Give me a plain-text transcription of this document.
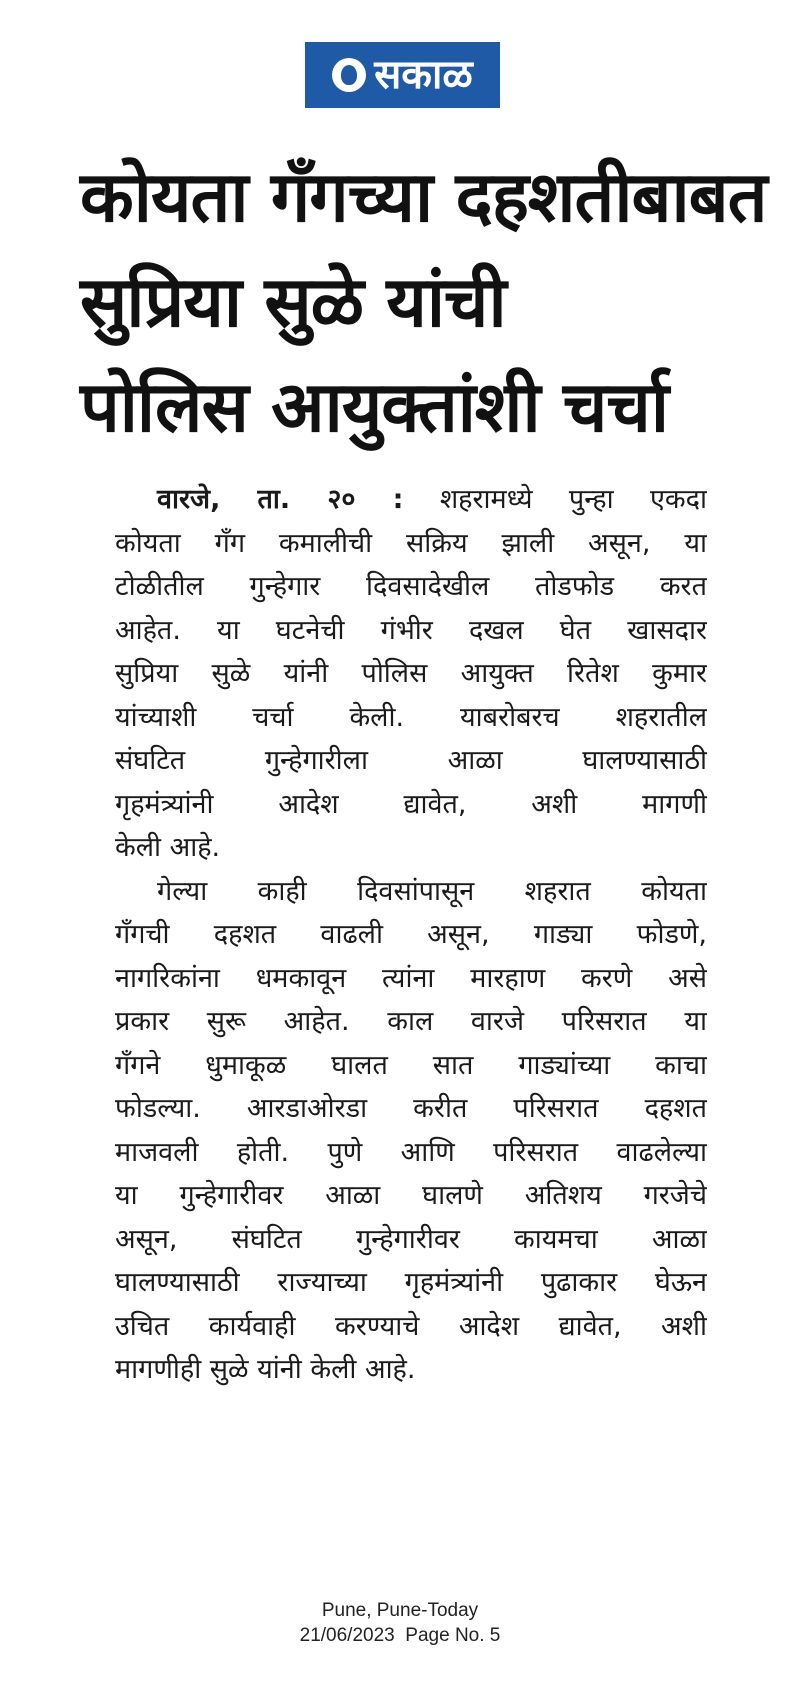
सकाळ
कोयता गँगच्या दहशतीबाबत
सुप्रिया सुळे यांची
पोलिस आयुक्तांशी चर्चा
वारजे, ता. २० : शहरामध्ये पुन्हा एकदा
कोयता गँग कमालीची सक्रिय झाली असून, या
टोळीतील गुन्हेगार दिवसादेखील तोडफोड करत
आहेत. या घटनेची गंभीर दखल घेत खासदार
सुप्रिया सुळे यांनी पोलिस आयुक्त रितेश कुमार
यांच्याशी चर्चा केली. याबरोबरच शहरातील
संघटित गुन्हेगारीला आळा घालण्यासाठी
गृहमंत्र्यांनी आदेश द्यावेत, अशी मागणी
केली आहे.
गेल्या काही दिवसांपासून शहरात कोयता
गँगची दहशत वाढली असून, गाड्या फोडणे,
नागरिकांना धमकावून त्यांना मारहाण करणे असे
प्रकार सुरू आहेत. काल वारजे परिसरात या
गँगने धुमाकूळ घालत सात गाड्यांच्या काचा
फोडल्या. आरडाओरडा करीत परिसरात दहशत
माजवली होती. पुणे आणि परिसरात वाढलेल्या
या गुन्हेगारीवर आळा घालणे अतिशय गरजेचे
असून, संघटित गुन्हेगारीवर कायमचा आळा
घालण्यासाठी राज्याच्या गृहमंत्र्यांनी पुढाकार घेऊन
उचित कार्यवाही करण्याचे आदेश द्यावेत, अशी
मागणीही सुळे यांनी केली आहे.
Pune, Pune-Today
21/06/2023  Page No. 5
